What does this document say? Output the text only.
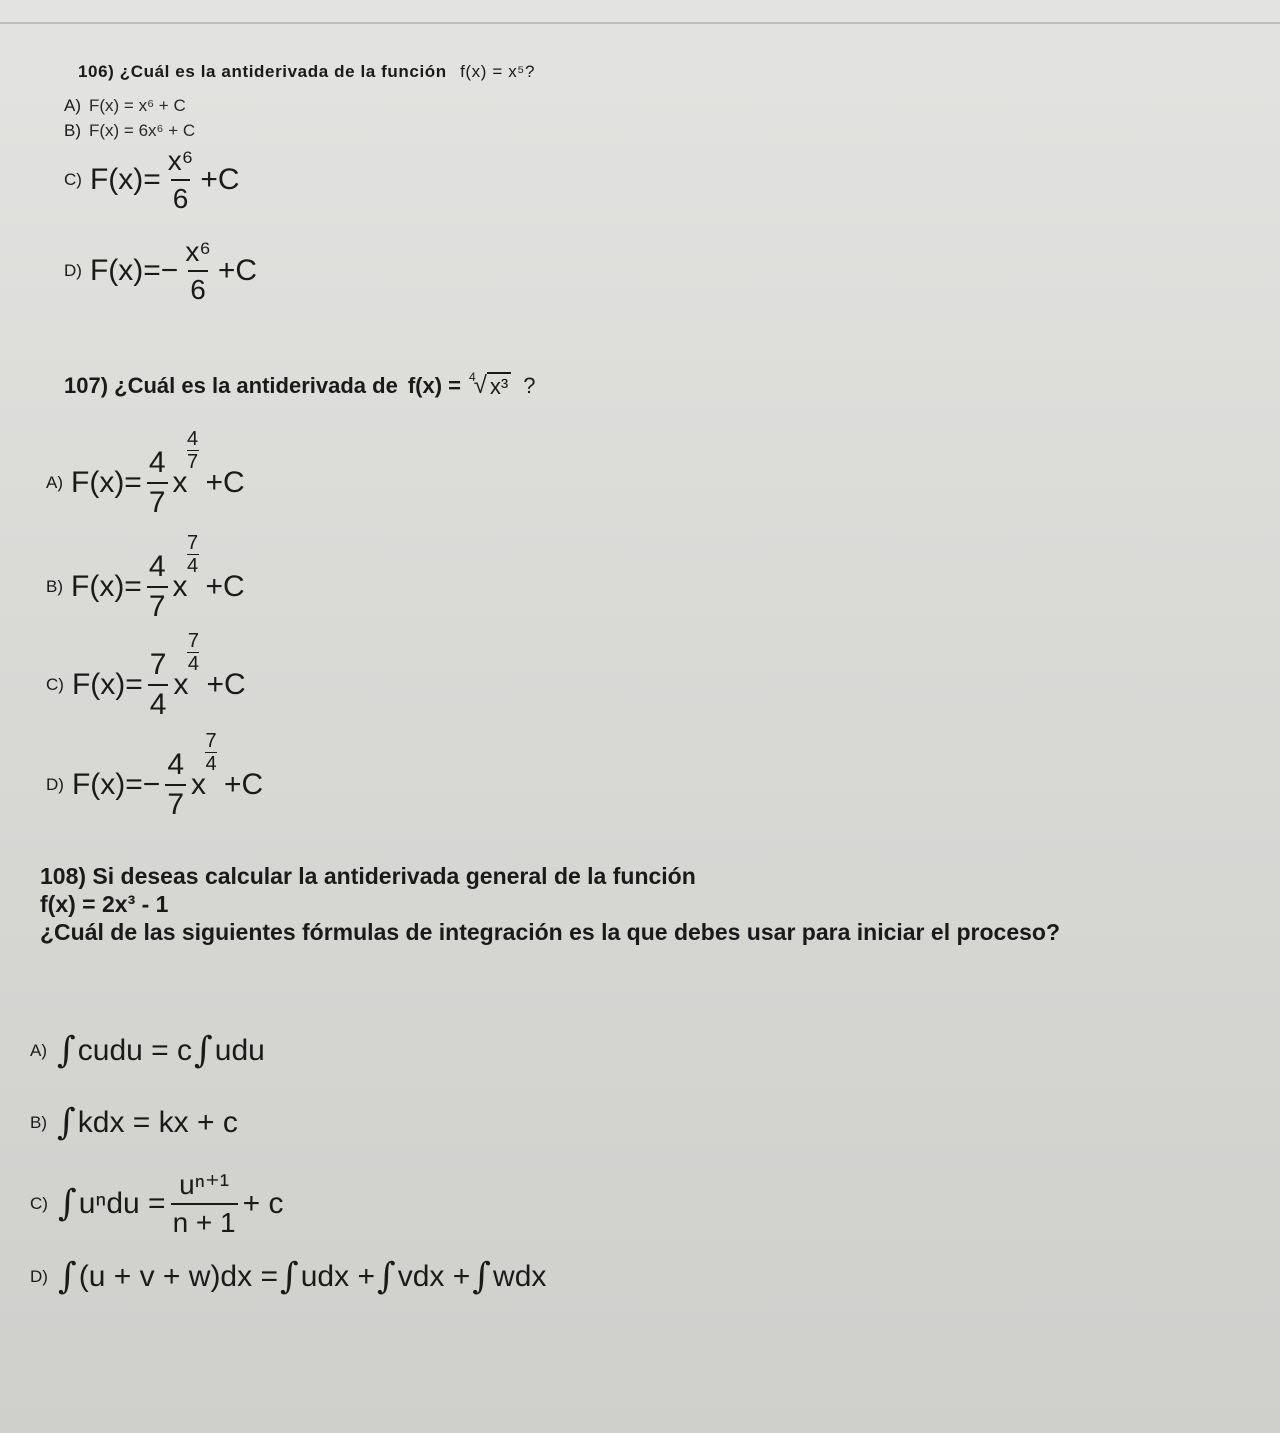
106) ¿Cuál es la antiderivada de la función f(x) = x⁵?
A) F(x) = x⁶ + C
B) F(x) = 6x⁶ + C
C) $F(x)= \frac{\text{x⁶}}{6} +C$
D) $F(x)=- \frac{\text{x⁶}}{6} +C$
107) ¿Cuál es la antiderivada de f(x) = 4
√ x³ ?
A) $F(x)= \frac{4}{7}$ x
$\frac{4}{7}$
+C
B) $F(x)= \frac{4}{7}$ x
$\frac{7}{4}$
+C
C) $F(x)= \frac{7}{4}$ x
$\frac{7}{4}$
+C
D) $F(x)=- \frac{4}{7}$ x
$\frac{7}{4}$
+C
108) Si deseas calcular la antiderivada general de la función
f(x) = 2x³ - 1
¿Cuál de las siguientes fórmulas de integración es la que debes usar para iniciar el proceso?
A) ∫ cudu = c ∫ udu
B) ∫ kdx = kx + c
C) ∫ $u^ndu = \frac{\text{uⁿ⁺¹}}{n + 1} + c$
D) ∫ (u + v + w)dx = ∫ udx + ∫ vdx + ∫ wdx
